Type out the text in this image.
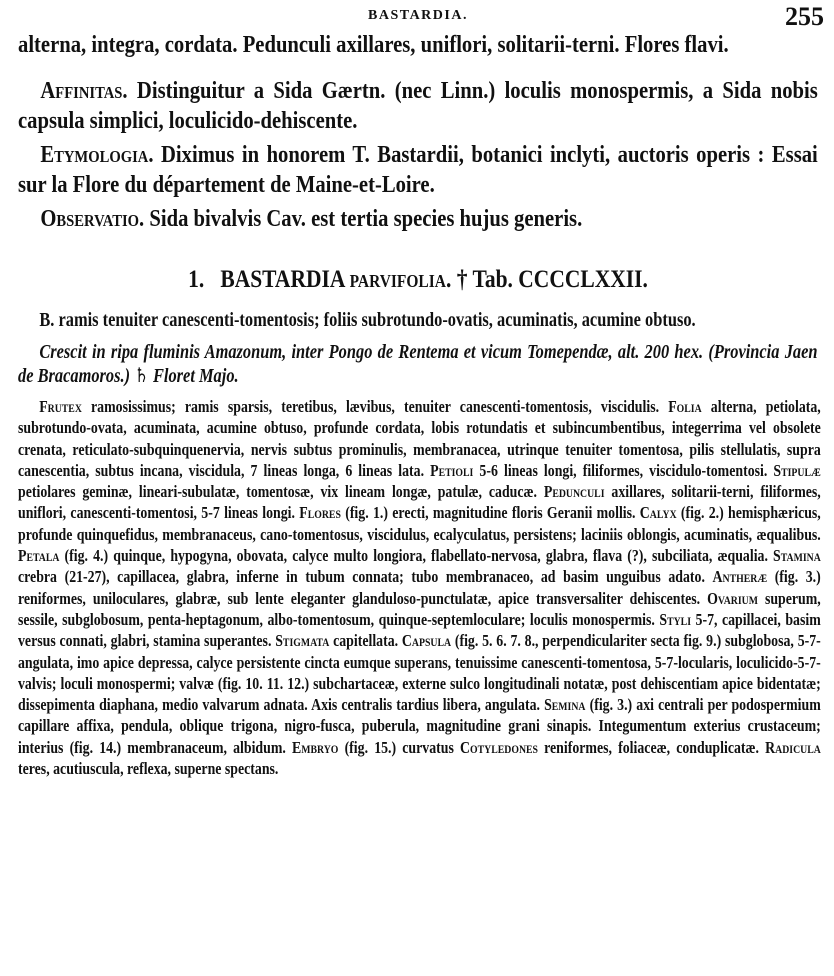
BASTARDIA.	255

alterna, integra, cordata. Pedunculi axillares, uniflori, solitarii-terni. Flores flavi.

Affinitas. Distinguitur a Sida Gærtn. (nec Linn.) loculis monospermis, a Sida nobis capsula simplici, loculicido-dehiscente.

Etymologia. Diximus in honorem T. Bastardii, botanici inclyti, auctoris operis : Essai sur la Flore du département de Maine-et-Loire.

Observatio. Sida bivalvis Cav. est tertia species hujus generis.

1. BASTARDIA parvifolia. † Tab. CCCCLXXII.

B. ramis tenuiter canescenti-tomentosis; foliis subrotundo-ovatis, acuminatis, acumine obtuso.

Crescit in ripa fluminis Amazonum, inter Pongo de Rentema et vicum Tomependæ, alt. 200 hex. (Provincia Jaen de Bracamoros.) ♄ Floret Majo.

Frutex ramosissimus; ramis sparsis, teretibus, lævibus, tenuiter canescenti-tomentosis, viscidulis. Folia alterna, petiolata, subrotundo-ovata, acuminata, acumine obtuso, profunde cordata, lobis rotundatis et subincumbentibus, integerrima vel obsolete crenata, reticulato-subquinquenervia, nervis subtus prominulis, membranacea, utrinque tenuiter tomentosa, pilis stellulatis, supra canescentia, subtus incana, viscidula, 7 lineas longa, 6 lineas lata. Petioli 5-6 lineas longi, filiformes, viscidulo-tomentosi. Stipulæ petiolares geminæ, lineari-subulatæ, tomentosæ, vix lineam longæ, patulæ, caducæ. Pedunculi axillares, solitarii-terni, filiformes, uniflori, canescenti-tomentosi, 5-7 lineas longi. Flores (fig. 1.) erecti, magnitudine floris Geranii mollis. Calyx (fig. 2.) hemisphæricus, profunde quinquefidus, membranaceus, cano-tomentosus, viscidulus, ecalyculatus, persistens; laciniis oblongis, acuminatis, æqualibus. Petala (fig. 4.) quinque, hypogyna, obovata, calyce multo longiora, flabellato-nervosa, glabra, flava (?), subciliata, æqualia. Stamina crebra (21-27), capillacea, glabra, inferne in tubum connata; tubo membranaceo, ad basim unguibus adato. Antheræ (fig. 3.) reniformes, uniloculares, glabræ, sub lente eleganter glanduloso-punctulatæ, apice transversaliter dehiscentes. Ovarium superum, sessile, subglobosum, penta-heptagonum, albo-tomentosum, quinque-septemloculare; loculis monospermis. Styli 5-7, capillacei, basim versus connati, glabri, stamina superantes. Stigmata capitellata. Capsula (fig. 5. 6. 7. 8., perpendiculariter secta fig. 9.) subglobosa, 5-7-angulata, imo apice depressa, calyce persistente cincta eumque superans, tenuissime canescenti-tomentosa, 5-7-locularis, loculicido-5-7-valvis; loculi monospermi; valvæ (fig. 10. 11. 12.) subchartaceæ, externe sulco longitudinali notatæ, post dehiscentiam apice bidentatæ; dissepimenta diaphana, medio valvarum adnata. Axis centralis tardius libera, angulata. Semina (fig. 3.) axi centrali per podospermium capillare affixa, pendula, oblique trigona, nigro-fusca, puberula, magnitudine grani sinapis. Integumentum exterius crustaceum; interius (fig. 14.) membranaceum, albidum. Embryo (fig. 15.) curvatus Cotyledones reniformes, foliaceæ, conduplicatæ. Radicula teres, acutiuscula, reflexa, superne spectans.
